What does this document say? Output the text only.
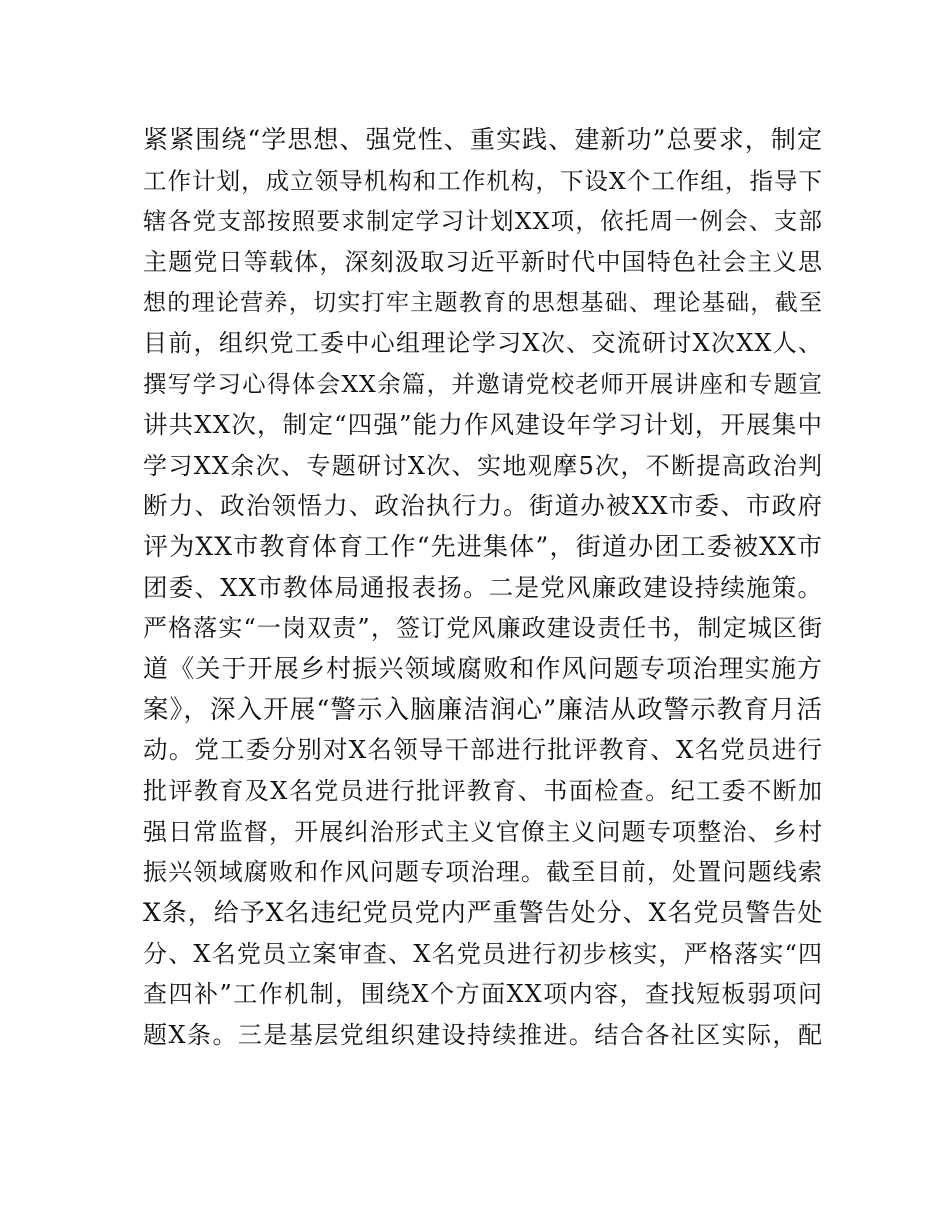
紧紧围绕“学思想、强党性、重实践、建新功”总要求，制定
工作计划，成立领导机构和工作机构，下设X个工作组，指导下
辖各党支部按照要求制定学习计划XX项，依托周一例会、支部
主题党日等载体，深刻汲取习近平新时代中国特色社会主义思
想的理论营养，切实打牢主题教育的思想基础、理论基础，截至
目前，组织党工委中心组理论学习X次、交流研讨X次XX人、
撰写学习心得体会XX余篇，并邀请党校老师开展讲座和专题宣
讲共XX次，制定“四强”能力作风建设年学习计划，开展集中
学习XX余次、专题研讨X次、实地观摩5次，不断提高政治判
断力、政治领悟力、政治执行力。街道办被XX市委、市政府
评为XX市教育体育工作“先进集体”，街道办团工委被XX市
团委、XX市教体局通报表扬。二是党风廉政建设持续施策。
严格落实“一岗双责”，签订党风廉政建设责任书，制定城区街
道《关于开展乡村振兴领域腐败和作风问题专项治理实施方
案》，深入开展“警示入脑廉洁润心”廉洁从政警示教育月活
动。党工委分别对X名领导干部进行批评教育、X名党员进行
批评教育及X名党员进行批评教育、书面检查。纪工委不断加
强日常监督，开展纠治形式主义官僚主义问题专项整治、乡村
振兴领域腐败和作风问题专项治理。截至目前，处置问题线索
X条，给予X名违纪党员党内严重警告处分、X名党员警告处
分、X名党员立案审查、X名党员进行初步核实，严格落实“四
查四补”工作机制，围绕X个方面XX项内容，查找短板弱项问
题X条。三是基层党组织建设持续推进。结合各社区实际，配
